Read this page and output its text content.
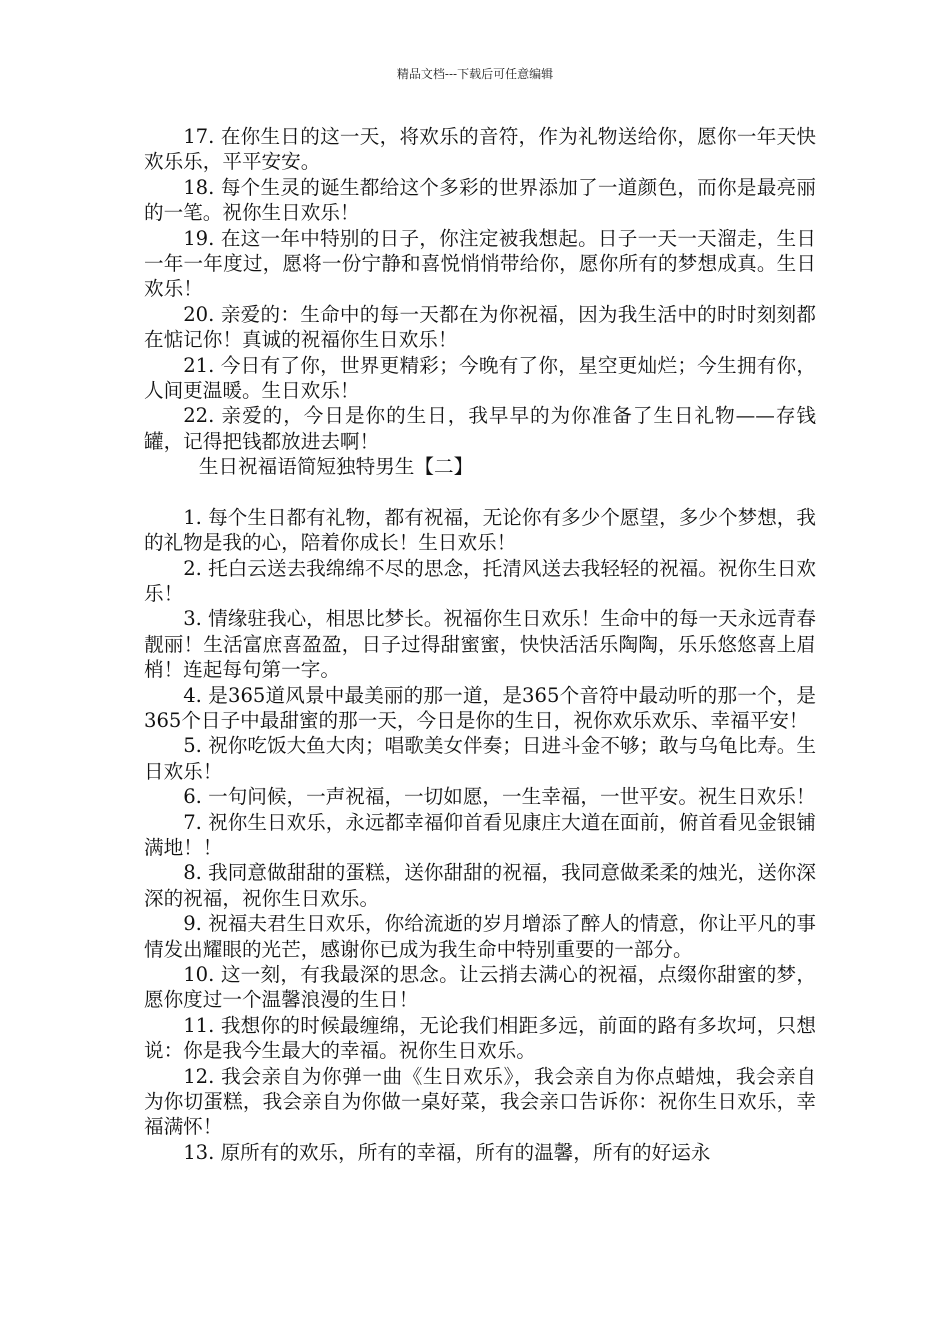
精品文档---下载后可任意编辑

17. 在你生日的这一天，将欢乐的音符，作为礼物送给你，愿你一年天快欢乐乐，平平安安。

18. 每个生灵的诞生都给这个多彩的世界添加了一道颜色，而你是最亮丽的一笔。祝你生日欢乐！

19. 在这一年中特别的日子，你注定被我想起。日子一天一天溜走，生日一年一年度过，愿将一份宁静和喜悦悄悄带给你，愿你所有的梦想成真。生日欢乐！

20. 亲爱的：生命中的每一天都在为你祝福，因为我生活中的时时刻刻都在惦记你！真诚的祝福你生日欢乐！

21. 今日有了你，世界更精彩；今晚有了你，星空更灿烂；今生拥有你，人间更温暖。生日欢乐！

22. 亲爱的，今日是你的生日，我早早的为你准备了生日礼物——存钱罐，记得把钱都放进去啊！

生日祝福语简短独特男生【二】

1. 每个生日都有礼物，都有祝福，无论你有多少个愿望，多少个梦想，我的礼物是我的心，陪着你成长！生日欢乐！

2. 托白云送去我绵绵不尽的思念，托清风送去我轻轻的祝福。祝你生日欢乐！

3. 情缘驻我心，相思比梦长。祝福你生日欢乐！生命中的每一天永远青春靓丽！生活富庶喜盈盈，日子过得甜蜜蜜，快快活活乐陶陶，乐乐悠悠喜上眉梢！连起每句第一字。

4. 是365道风景中最美丽的那一道，是365个音符中最动听的那一个，是365个日子中最甜蜜的那一天，今日是你的生日，祝你欢乐欢乐、幸福平安！

5. 祝你吃饭大鱼大肉；唱歌美女伴奏；日进斗金不够；敢与乌龟比寿。生日欢乐！

6. 一句问候，一声祝福，一切如愿，一生幸福，一世平安。祝生日欢乐！

7. 祝你生日欢乐，永远都幸福仰首看见康庄大道在面前，俯首看见金银铺满地！！

8. 我同意做甜甜的蛋糕，送你甜甜的祝福，我同意做柔柔的烛光，送你深深的祝福，祝你生日欢乐。

9. 祝福夫君生日欢乐，你给流逝的岁月增添了醉人的情意，你让平凡的事情发出耀眼的光芒，感谢你已成为我生命中特别重要的一部分。

10. 这一刻，有我最深的思念。让云捎去满心的祝福，点缀你甜蜜的梦，愿你度过一个温馨浪漫的生日！

11. 我想你的时候最缠绵，无论我们相距多远，前面的路有多坎坷，只想说：你是我今生最大的幸福。祝你生日欢乐。

12. 我会亲自为你弹一曲《生日欢乐》，我会亲自为你点蜡烛，我会亲自为你切蛋糕，我会亲自为你做一桌好菜，我会亲口告诉你：祝你生日欢乐，幸福满怀！

13. 原所有的欢乐，所有的幸福，所有的温馨，所有的好运永
